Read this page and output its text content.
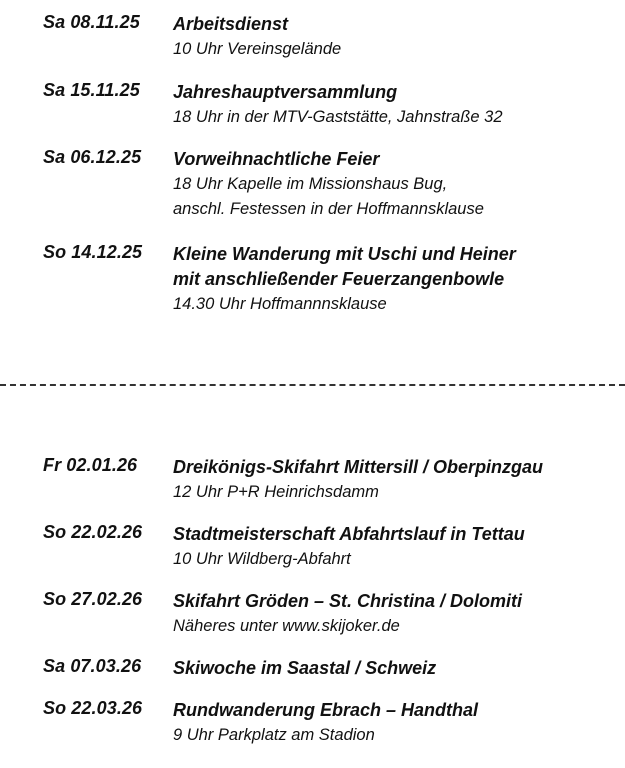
Sa 08.11.25 Arbeitsdienst
10 Uhr Vereinsgelände
Sa 15.11.25 Jahreshauptversammlung
18 Uhr in der MTV-Gaststätte, Jahnstraße 32
Sa 06.12.25 Vorweihnachtliche Feier
18 Uhr Kapelle im Missionshaus Bug,
anschl. Festessen in der Hoffmannsklause
So 14.12.25 Kleine Wanderung mit Uschi und Heiner
mit anschließender Feuerzangenbowle
14.30 Uhr Hoffmannnsklause
Fr 02.01.26 Dreikönigs-Skifahrt Mittersill / Oberpinzgau
12 Uhr P+R Heinrichsdamm
So 22.02.26 Stadtmeisterschaft Abfahrtslauf in Tettau
10 Uhr Wildberg-Abfahrt
So 27.02.26 Skifahrt Gröden – St. Christina / Dolomiti
Näheres unter www.skijoker.de
Sa 07.03.26 Skiwoche im Saastal / Schweiz
So 22.03.26 Rundwanderung Ebrach – Handthal
9 Uhr Parkplatz am Stadion
